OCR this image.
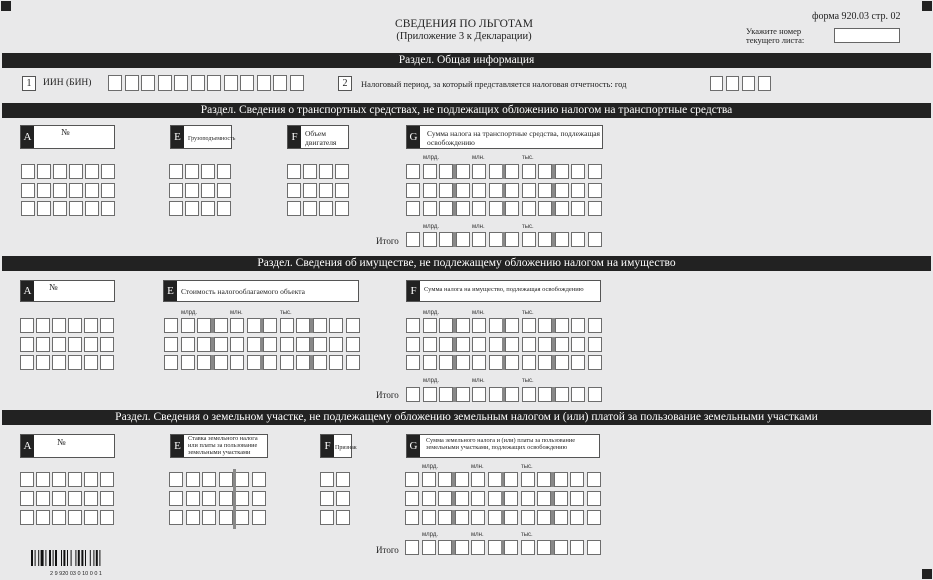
форма 920.03 стр. 02
СВЕДЕНИЯ ПО ЛЬГОТАМ
(Приложение 3 к Декларации)	Укажите номер
текущего листа:
Раздел. Общая информация
1	ИИН (БИН)	2	Налоговый период, за который представляется налоговая отчетность: год
Раздел. Сведения о транспортных средствах, не подлежащих обложению налогом на транспортные средства
A	№	E	Грузоподъемность	F Объем двигателя	G	Сумма налога на транспортные средства, подлежащая освобождению
Итого
Раздел. Сведения об имуществе, не подлежащему обложению налогом на имущество
A №	E Стоимость налогооблагаемого объекта	F	Сумма налога на имущество, подлежащая освобождению
Итого
Раздел. Сведения о земельном участке, не подлежащему обложению земельным налогом и (или) платой за пользование земельными участками
A	№	E
Ставка земельного налога или платы за пользование земельными участками
F Признак	G	Сумма земельного налога и (или) платы за пользование земельными участками, подлежащих освобождению
Итого
2 9 920 03 0 10 0 0 1
млрд.	млн.	тыс.
млрд.	млн.	тыс.
млрд.	млн.	тыс.	млрд.	млн.	тыс.
млрд.	млн.	тыс.
млрд.	млн.	тыс.
млрд.	млн.	тыс.
